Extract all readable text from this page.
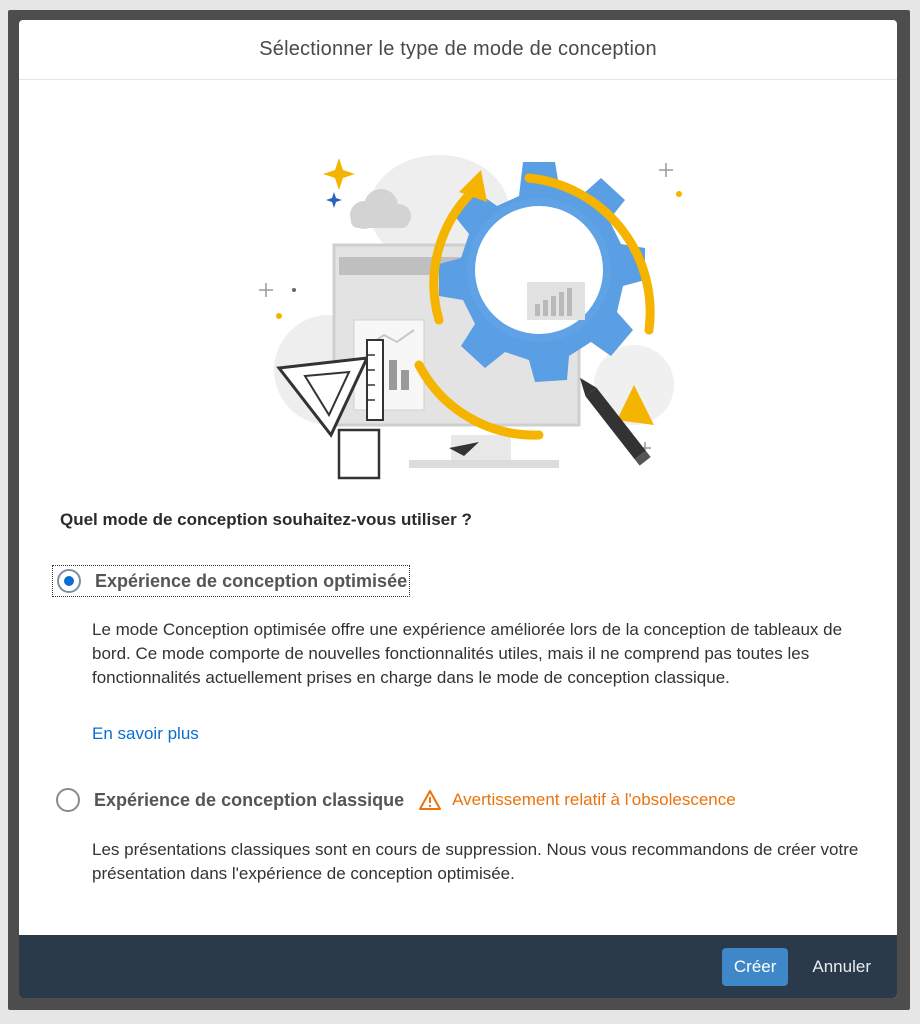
Sélectionner le type de mode de conception
Quel mode de conception souhaitez-vous utiliser ?
Expérience de conception optimisée
Le mode Conception optimisée offre une expérience améliorée lors de la conception de tableaux de bord. Ce mode comporte de nouvelles fonctionnalités utiles, mais il ne comprend pas toutes les fonctionnalités actuellement prises en charge dans le mode de conception classique.
En savoir plus
Expérience de conception classique	Avertissement relatif à l'obsolescence
Les présentations classiques sont en cours de suppression. Nous vous recommandons de créer votre présentation dans l'expérience de conception optimisée.
Créer	Annuler
